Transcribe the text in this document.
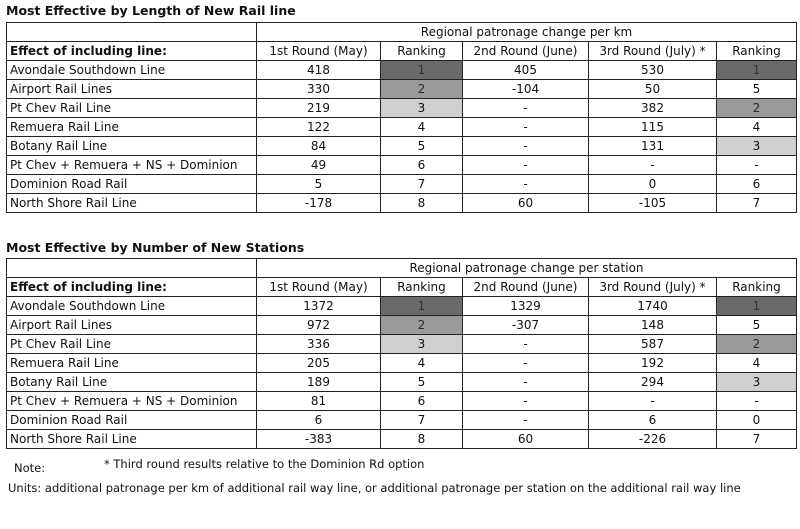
Most Effective by Length of New Rail line
	Regional patronage change per km				
Effect of including line:	1st Round (May)	Ranking	2nd Round (June)	3rd Round (July) *	Ranking
Avondale Southdown Line	418	1	405	530	1
Airport Rail Lines	330	2	-104	50	5
Pt Chev Rail Line	219	3	-	382	2
Remuera Rail Line	122	4	-	115	4
Botany Rail Line	84	5	-	131	3
Pt Chev + Remuera + NS + Dominion	49	6	-	-	-
Dominion Road Rail	5	7	-	0	6
North Shore Rail Line	-178	8	60	-105	7
Most Effective by Number of New Stations
	Regional patronage change per station				
Effect of including line:	1st Round (May)	Ranking	2nd Round (June)	3rd Round (July) *	Ranking
Avondale Southdown Line	1372	1	1329	1740	1
Airport Rail Lines	972	2	-307	148	5
Pt Chev Rail Line	336	3	-	587	2
Remuera Rail Line	205	4	-	192	4
Botany Rail Line	189	5	-	294	3
Pt Chev + Remuera + NS + Dominion	81	6	-	-	-
Dominion Road Rail	6	7	-	6	0
North Shore Rail Line	-383	8	60	-226	7
Note:	* Third round results relative to the Dominion Rd option
Units: additional patronage per km of additional rail way line, or additional patronage per station on the additional rail way line
